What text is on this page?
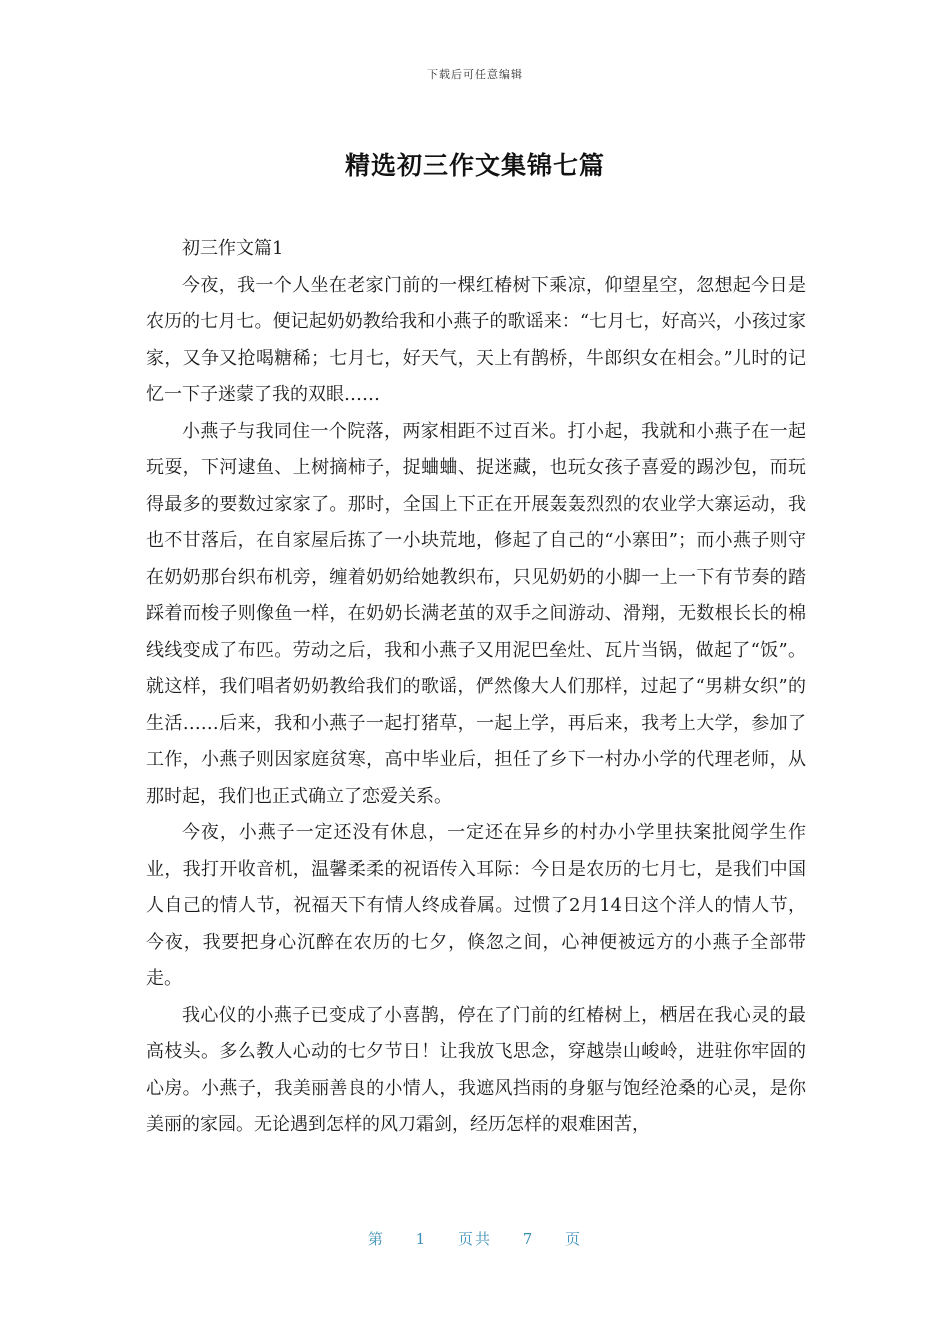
下载后可任意编辑
精选初三作文集锦七篇

初三作文篇1

今夜，我一个人坐在老家门前的一棵红椿树下乘凉，仰望星空，忽想起今日是农历的七月七。便记起奶奶教给我和小燕子的歌谣来：“七月七，好高兴，小孩过家家，又争又抢喝糖稀；七月七，好天气，天上有鹊桥，牛郎织女在相会。”儿时的记忆一下子迷蒙了我的双眼……

小燕子与我同住一个院落，两家相距不过百米。打小起，我就和小燕子在一起玩耍，下河逮鱼、上树摘柿子，捉蛐蛐、捉迷藏，也玩女孩子喜爱的踢沙包，而玩得最多的要数过家家了。那时，全国上下正在开展轰轰烈烈的农业学大寨运动，我也不甘落后，在自家屋后拣了一小块荒地，修起了自己的“小寨田”；而小燕子则守在奶奶那台织布机旁，缠着奶奶给她教织布，只见奶奶的小脚一上一下有节奏的踏踩着而梭子则像鱼一样，在奶奶长满老茧的双手之间游动、滑翔，无数根长长的棉线线变成了布匹。劳动之后，我和小燕子又用泥巴垒灶、瓦片当锅，做起了“饭”。就这样，我们唱者奶奶教给我们的歌谣，俨然像大人们那样，过起了“男耕女织”的生活……后来，我和小燕子一起打猪草，一起上学，再后来，我考上大学，参加了工作，小燕子则因家庭贫寒，高中毕业后，担任了乡下一村办小学的代理老师，从那时起，我们也正式确立了恋爱关系。

今夜，小燕子一定还没有休息，一定还在异乡的村办小学里扶案批阅学生作业，我打开收音机，温馨柔柔的祝语传入耳际：今日是农历的七月七，是我们中国人自己的情人节，祝福天下有情人终成眷属。过惯了2月14日这个洋人的情人节，今夜，我要把身心沉醉在农历的七夕，倏忽之间，心神便被远方的小燕子全部带走。

我心仪的小燕子已变成了小喜鹊，停在了门前的红椿树上，栖居在我心灵的最高枝头。多么教人心动的七夕节日！让我放飞思念，穿越崇山峻岭，进驻你牢固的心房。小燕子，我美丽善良的小情人，我遮风挡雨的身躯与饱经沧桑的心灵，是你美丽的家园。无论遇到怎样的风刀霜剑，经历怎样的艰难困苦，

第 1 页共 7 页
